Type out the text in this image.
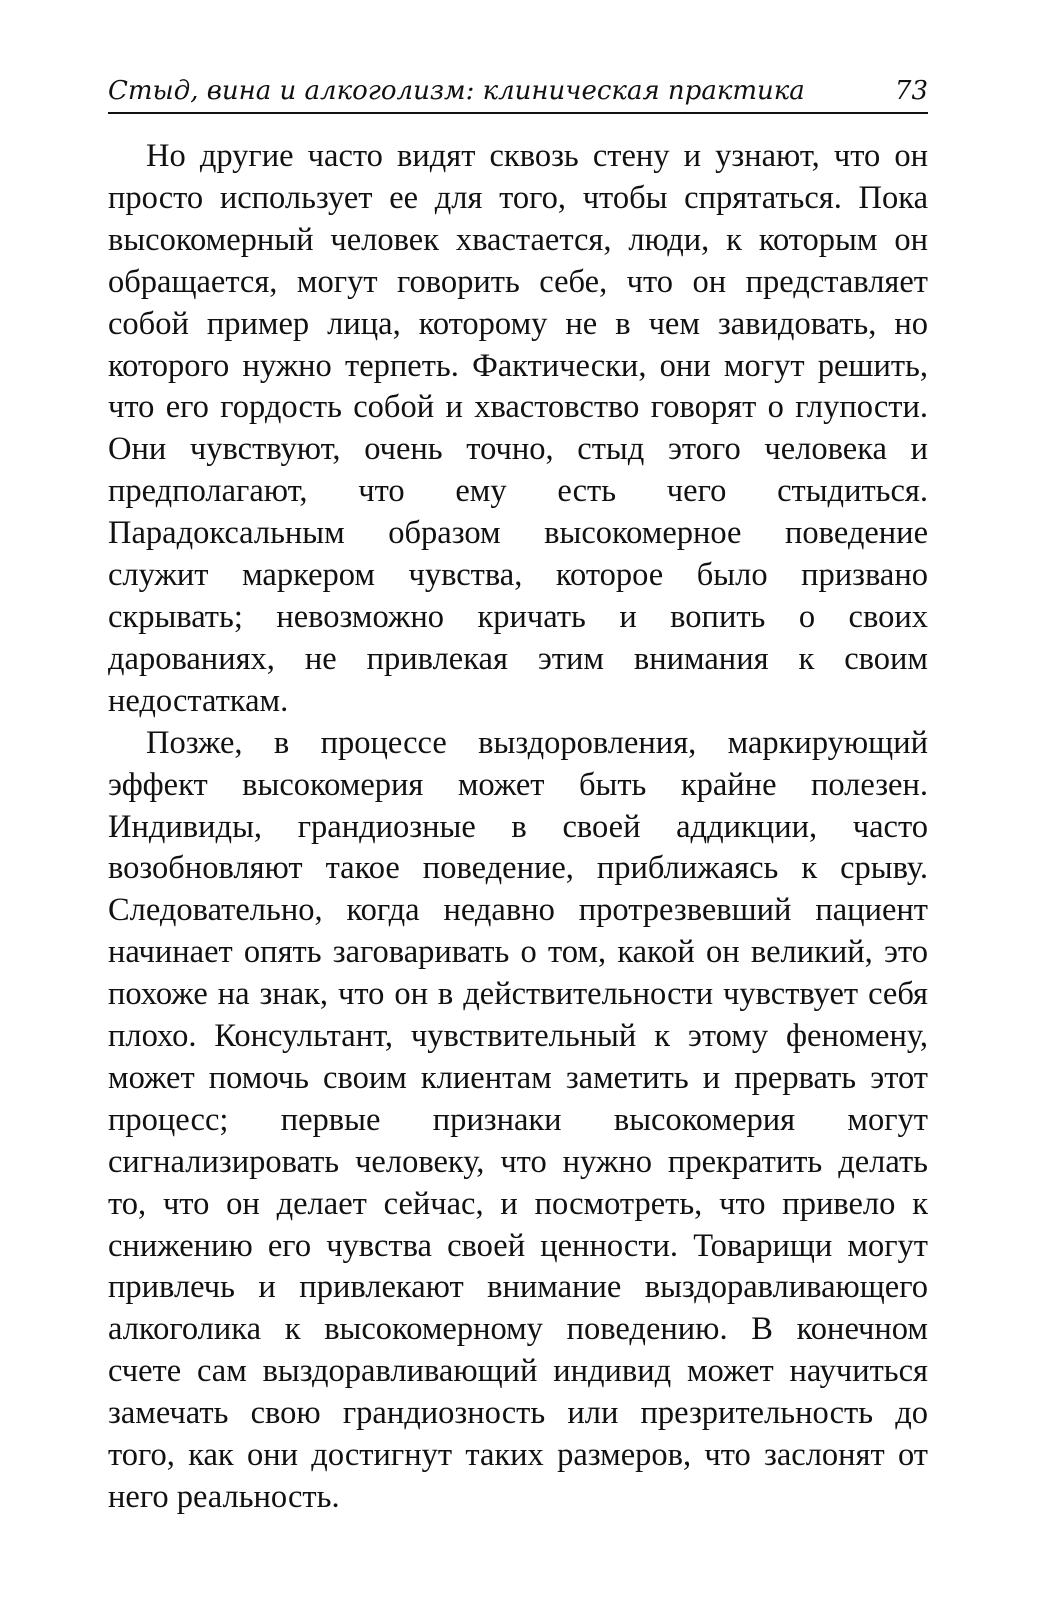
Стыд, вина и алкоголизм: клиническая практика	73

Но другие часто видят сквозь стену и узнают, что он просто использует ее для того, чтобы спрятаться. Пока высокомерный человек хвастается, люди, к которым он обращается, могут говорить себе, что он представляет собой пример лица, которому не в чем завидовать, но которого нужно терпеть. Фактически, они могут решить, что его гордость собой и хвастовство говорят о глупости. Они чувствуют, очень точно, стыд этого человека и предполагают, что ему есть чего стыдиться. Парадоксальным образом высокомерное поведение служит маркером чувства, которое было призвано скрывать; невозможно кричать и вопить о своих дарованиях, не привлекая этим внимания к своим недостаткам.

Позже, в процессе выздоровления, маркирующий эффект высокомерия может быть крайне полезен. Индивиды, грандиозные в своей аддикции, часто возобновляют такое поведение, приближаясь к срыву. Следовательно, когда недавно протрезвевший пациент начинает опять заговаривать о том, какой он великий, это похоже на знак, что он в действительности чувствует себя плохо. Консультант, чувствительный к этому феномену, может помочь своим клиентам заметить и прервать этот процесс; первые признаки высокомерия могут сигнализировать человеку, что нужно прекратить делать то, что он делает сейчас, и посмотреть, что привело к снижению его чувства своей ценности. Товарищи могут привлечь и привлекают внимание выздоравливающего алкоголика к высокомерному поведению. В конечном счете сам выздоравливающий индивид может научиться замечать свою грандиозность или презрительность до того, как они достигнут таких размеров, что заслонят от него реальность.
